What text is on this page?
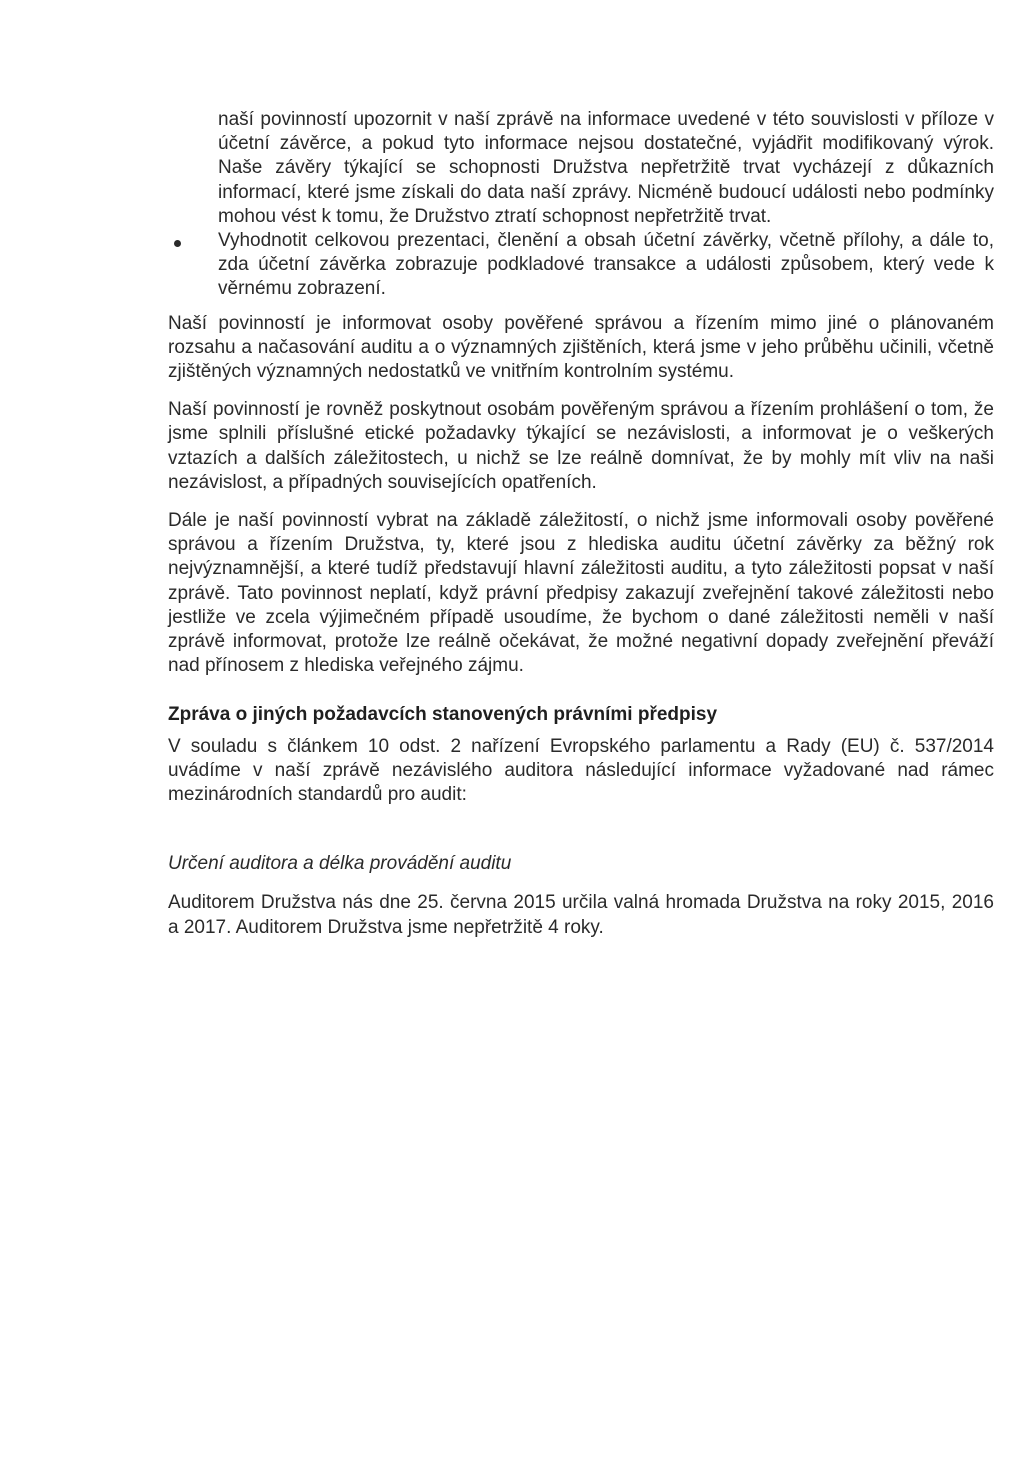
naší povinností upozornit v naší zprávě na informace uvedené v této souvislosti v příloze v účetní závěrce, a pokud tyto informace nejsou dostatečné, vyjádřit modifikovaný výrok. Naše závěry týkající se schopnosti Družstva nepřetržitě trvat vycházejí z důkazních informací, které jsme získali do data naší zprávy. Nicméně budoucí události nebo podmínky mohou vést k tomu, že Družstvo ztratí schopnost nepřetržitě trvat.

Vyhodnotit celkovou prezentaci, členění a obsah účetní závěrky, včetně přílohy, a dále to, zda účetní závěrka zobrazuje podkladové transakce a události způsobem, který vede k věrnému zobrazení.

Naší povinností je informovat osoby pověřené správou a řízením mimo jiné o plánovaném rozsahu a načasování auditu a o významných zjištěních, která jsme v jeho průběhu učinili, včetně zjištěných významných nedostatků ve vnitřním kontrolním systému.

Naší povinností je rovněž poskytnout osobám pověřeným správou a řízením prohlášení o tom, že jsme splnili příslušné etické požadavky týkající se nezávislosti, a informovat je o veškerých vztazích a dalších záležitostech, u nichž se lze reálně domnívat, že by mohly mít vliv na naši nezávislost, a případných souvisejících opatřeních.

Dále je naší povinností vybrat na základě záležitostí, o nichž jsme informovali osoby pověřené správou a řízením Družstva, ty, které jsou z hlediska auditu účetní závěrky za běžný rok nejvýznamnější, a které tudíž představují hlavní záležitosti auditu, a tyto záležitosti popsat v naší zprávě. Tato povinnost neplatí, když právní předpisy zakazují zveřejnění takové záležitosti nebo jestliže ve zcela výjimečném případě usoudíme, že bychom o dané záležitosti neměli v naší zprávě informovat, protože lze reálně očekávat, že možné negativní dopady zveřejnění převáží nad přínosem z hlediska veřejného zájmu.

Zpráva o jiných požadavcích stanovených právními předpisy

V souladu s článkem 10 odst. 2 nařízení Evropského parlamentu a Rady (EU) č. 537/2014 uvádíme v naší zprávě nezávislého auditora následující informace vyžadované nad rámec mezinárodních standardů pro audit:

Určení auditora a délka provádění auditu

Auditorem Družstva nás dne 25. června 2015 určila valná hromada Družstva na roky 2015, 2016 a 2017. Auditorem Družstva jsme nepřetržitě 4 roky.
